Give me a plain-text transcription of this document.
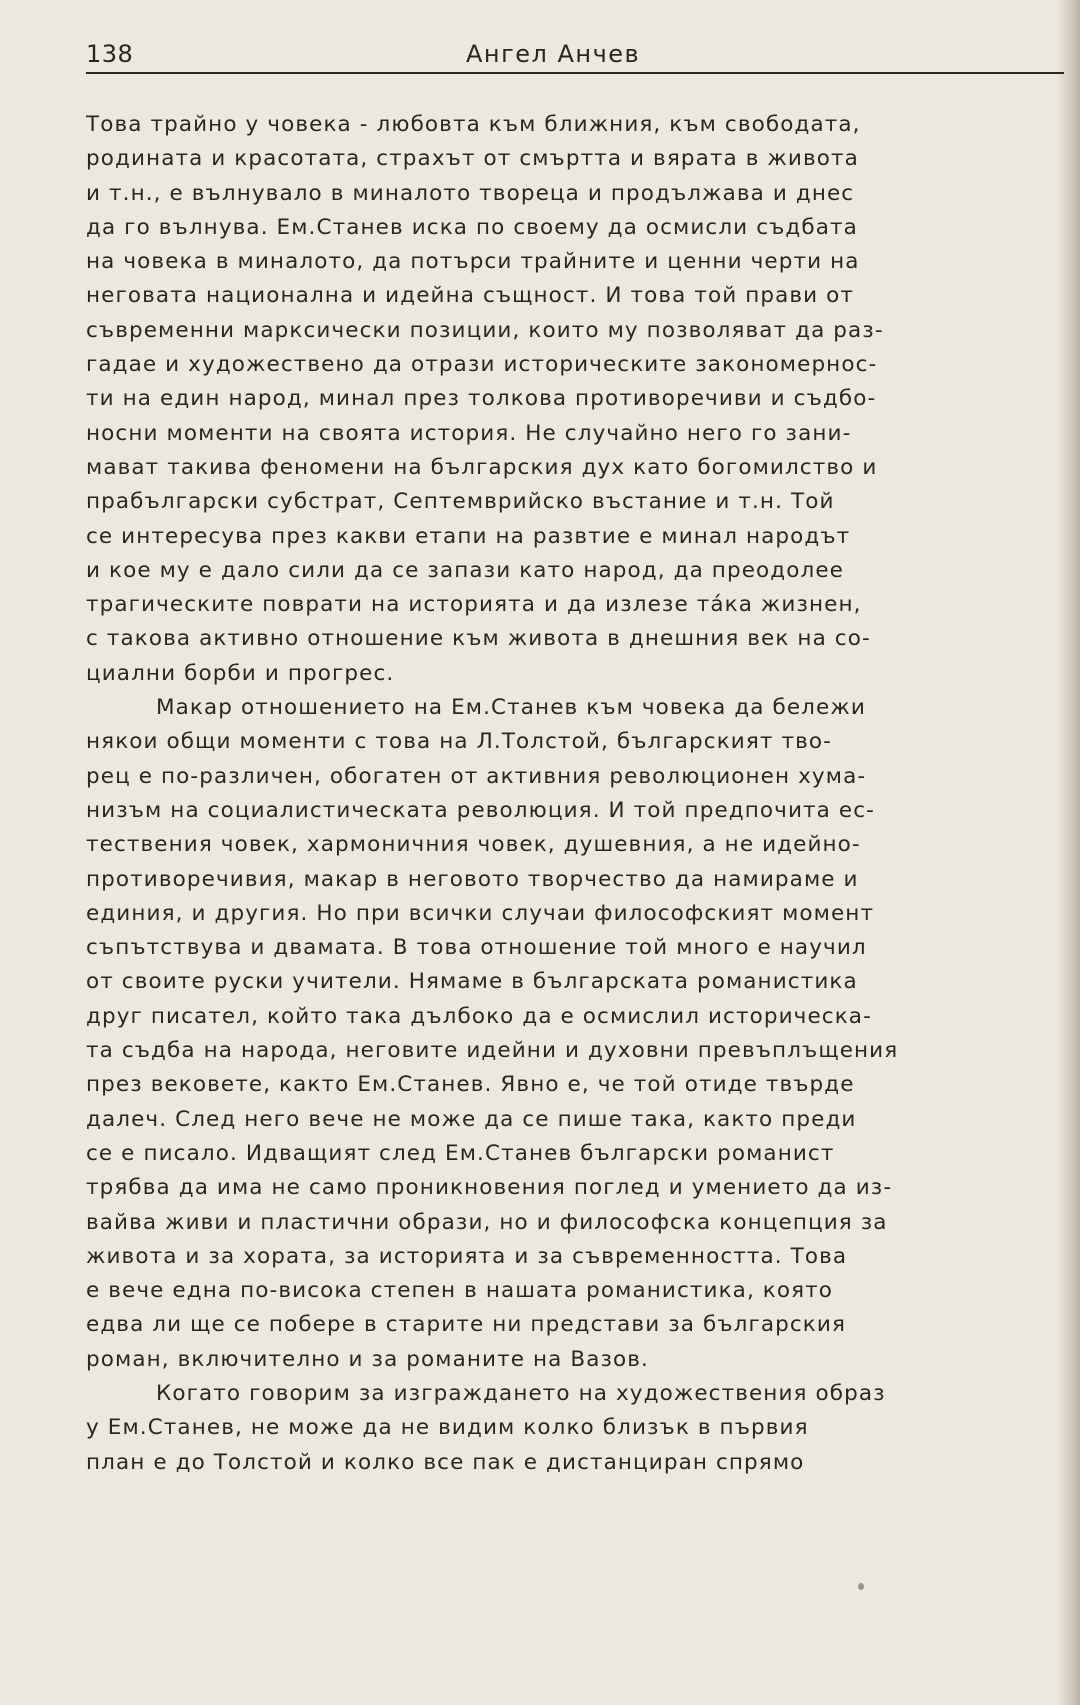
138	Ангел Анчев
Това трайно у човека - любовта към ближния, към свободата,
родината и красотата, страхът от смъртта и вярата в живота
и т.н., е вълнувало в миналото твореца и продължава и днес
да го вълнува. Ем.Станев иска по своему да осмисли съдбата
на човека в миналото, да потърси трайните и ценни черти на
неговата национална и идейна същност. И това той прави от
съвременни марксически позиции, които му позволяват да раз-
гадае и художествено да отрази историческите закономернос-
ти на един народ, минал през толкова противоречиви и съдбо-
носни моменти на своята история. Не случайно него го зани-
мават такива феномени на българския дух като богомилство и
прабългарски субстрат, Септемврийско въстание и т.н. Той
се интересува през какви етапи на развтие е минал народът
и кое му е дало сили да се запази като народ, да преодолее
трагическите поврати на историята и да излезе тáка жизнен,
с такова активно отношение към живота в днешния век на со-
циални борби и прогрес.
Макар отношението на Ем.Станев към човека да бележи
някои общи моменти с това на Л.Толстой, българският тво-
рец е по-различен, обогатен от активния революционен хума-
низъм на социалистическата революция. И той предпочита ес-
тествения човек, хармоничния човек, душевния, а не идейно-
противоречивия, макар в неговото творчество да намираме и
единия, и другия. Но при всички случаи философският момент
съпътствува и двамата. В това отношение той много е научил
от своите руски учители. Нямаме в българската романистика
друг писател, който така дълбоко да е осмислил историческа-
та съдба на народа, неговите идейни и духовни превъплъщения
през вековете, както Ем.Станев. Явно е, че той отиде твърде
далеч. След него вече не може да се пише така, както преди
се е писало. Идващият след Ем.Станев български романист
трябва да има не само проникновения поглед и умението да из-
вайва живи и пластични образи, но и философска концепция за
живота и за хората, за историята и за съвременността. Това
е вече една по-висока степен в нашата романистика, която
едва ли ще се побере в старите ни представи за българския
роман, включително и за романите на Вазов.
Когато говорим за изграждането на художествения образ
у Ем.Станев, не може да не видим колко близък в първия
план е до Толстой и колко все пак е дистанциран спрямо
